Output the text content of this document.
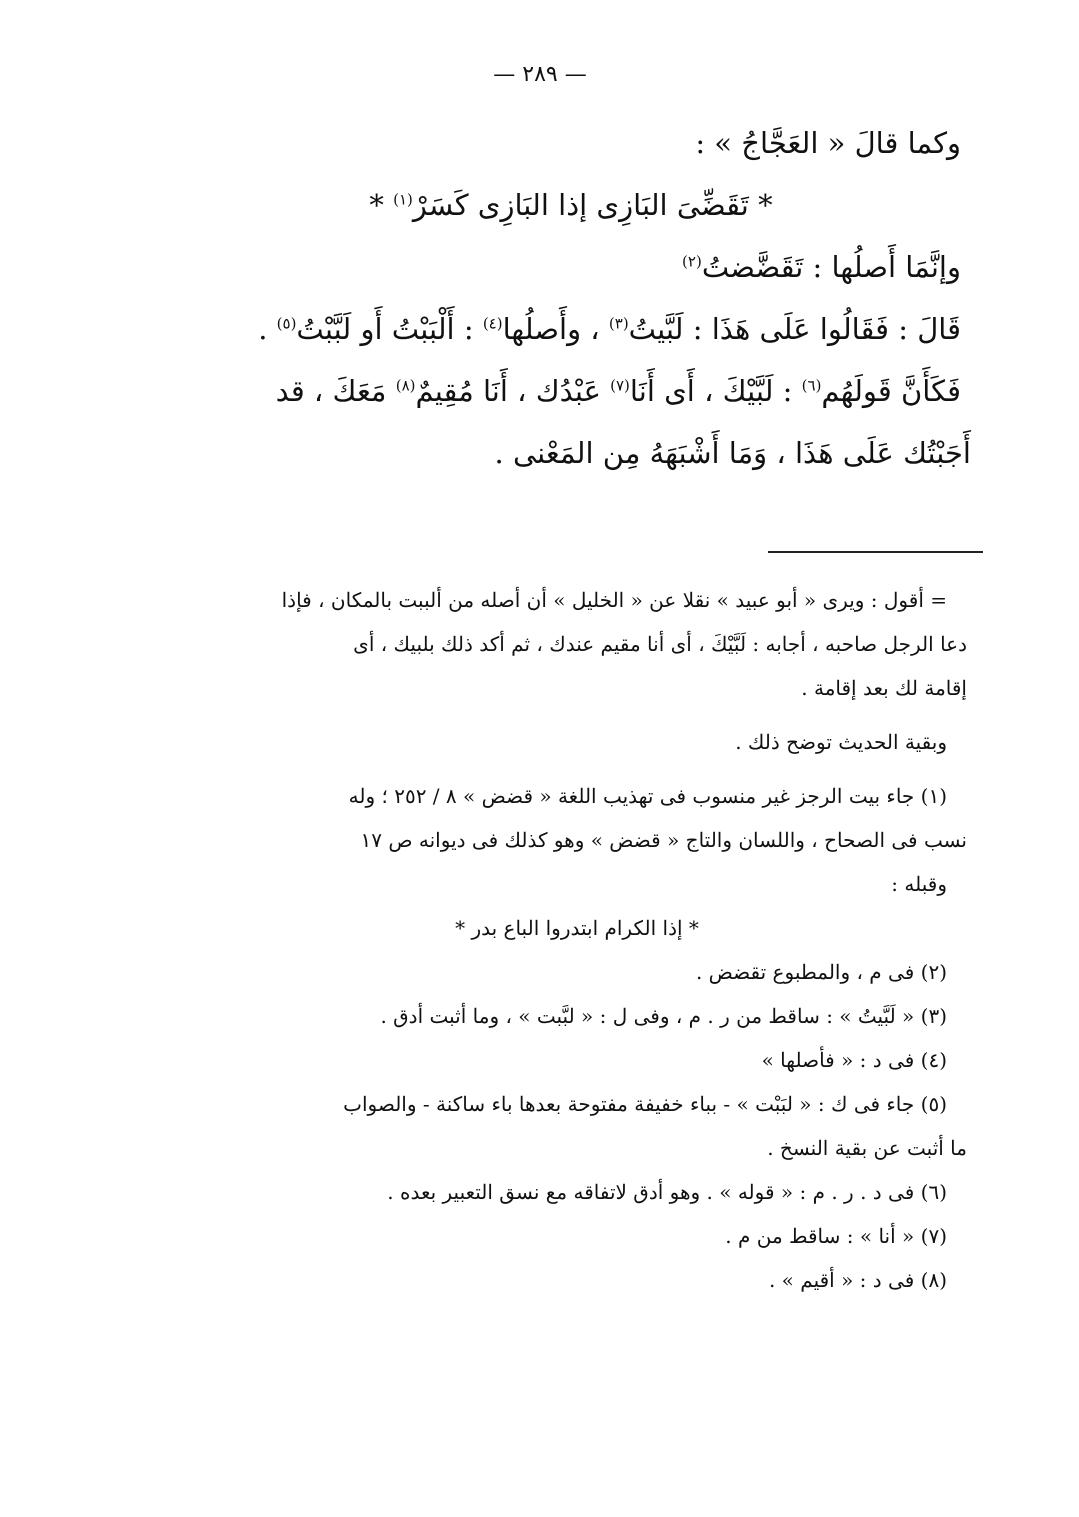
— ٢٨٩ —

وكما قالَ « العَجَّاجُ » :

* تَقَضِّىَ البَازِى إذا البَازِى كَسَرْ$^{(١)}$ *

وإنَّمَا أَصلُها : تَقَضَّضتُ$^{(٢)}$

قَالَ : فَقَالُوا عَلَى هَذَا : لَبَّيتُ$^{(٣)}$ ، وأَصلُها$^{(٤)}$ : أَلْبَبْتُ أَو لَبَّبْتُ$^{(٥)}$ .

فَكَأَنَّ قَولَهُم$^{(٦)}$ : لَبَّيْكَ ، أَى أَنَا$^{(٧)}$ عَبْدُك ، أَنَا مُقِيمٌ$^{(٨)}$ مَعَكَ ، قد

أَجَبْتُك عَلَى هَذَا ، وَمَا أَشْبَهَهُ مِن المَعْنى .

= أقول : ويرى « أبو عبيد » نقلا عن « الخليل » أن أصله من ألببت بالمكان ، فإذا

دعا الرجل صاحبه ، أجابه : لَبَّيْكَ ، أى أنا مقيم عندك ، ثم أكد ذلك بلبيك ، أى

إقامة لك بعد إقامة .

وبقية الحديث توضح ذلك .

(١) جاء بيت الرجز غير منسوب فى تهذيب اللغة « قضض » ٨ / ٢٥٢ ؛ وله

نسب فى الصحاح ، واللسان والتاج « قضض » وهو كذلك فى ديوانه ص ١٧

وقبله :

* إذا الكرام ابتدروا الباع بدر *

(٢) فى م ، والمطبوع تقضض .

(٣) « لَبَّيتُ » : ساقط من ر . م ، وفى ل : « لبَّبت » ، وما أثبت أدق .

(٤) فى د : « فأصلها »

(٥) جاء فى ك : « لبَبْت » - بباء خفيفة مفتوحة بعدها باء ساكنة - والصواب

ما أثبت عن بقية النسخ .

(٦) فى د . ر . م : « قوله » . وهو أدق لاتفاقه مع نسق التعبير بعده .

(٧) « أنا » : ساقط من م .

(٨) فى د : « أقيم » .
